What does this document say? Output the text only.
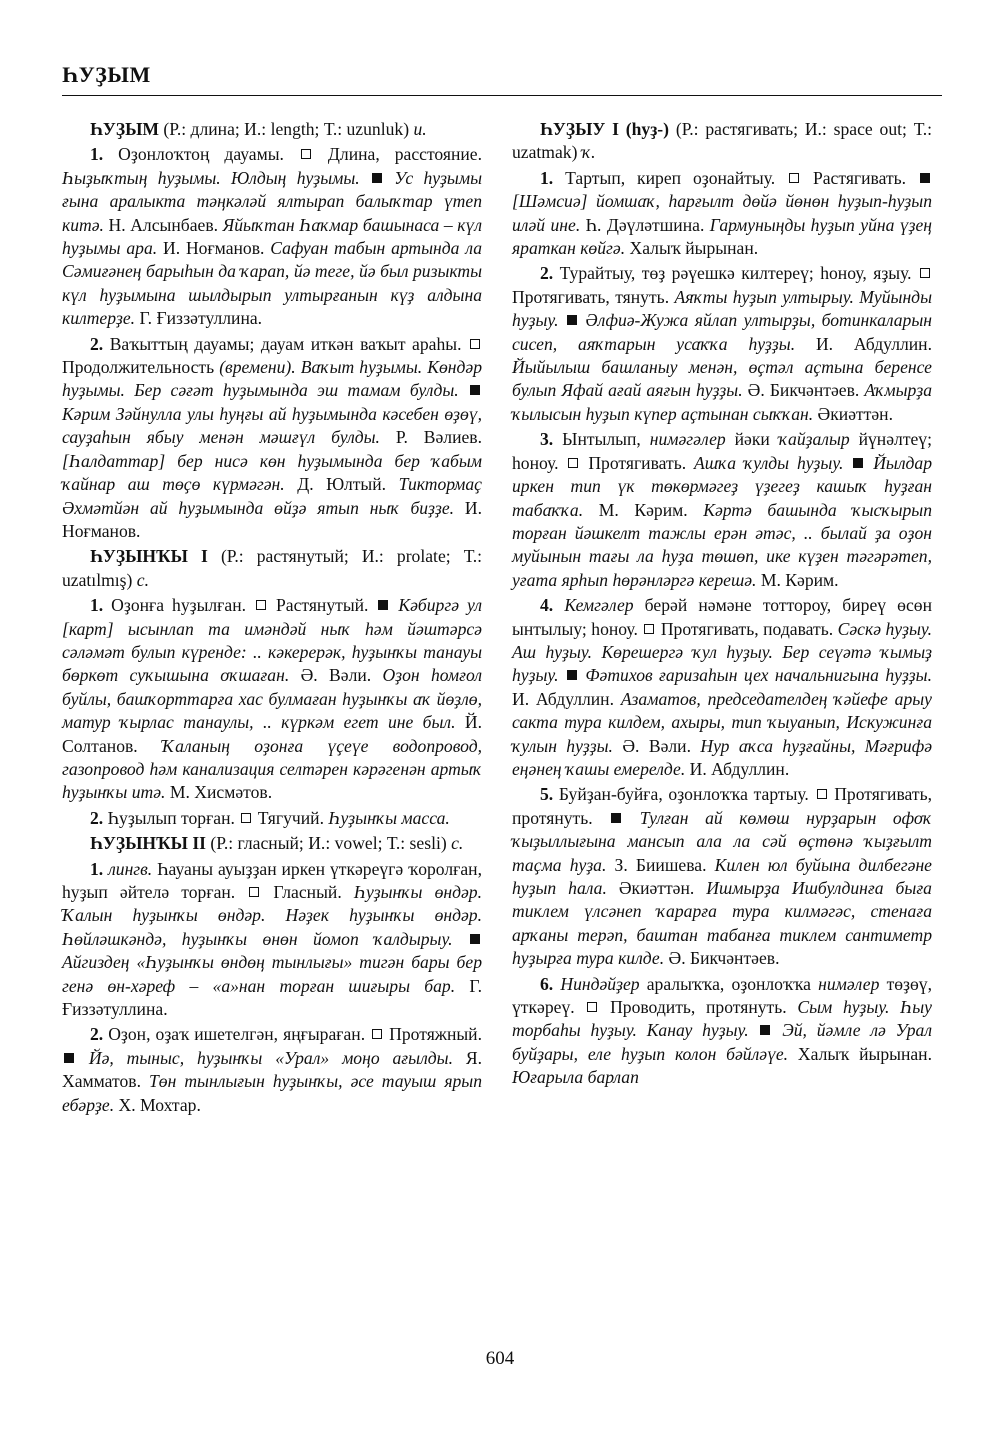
ҺУҘЫМ

ҺУҘЫМ (Р.: длина; И.: length; Т.: uzunluk) и.

1. Оҙонлоҡтоң дауамы.  Длина, расстояние. Һыҙыҡтың һуҙымы. Юлдың һуҙымы.  Ус һуҙымы ғына аралыкта тәңкәләй ялтырап балыҡтар үтеп китә. Н. Алсынбаев. Яйыҡтан Һаҡмар башынаса – күл һуҙымы ара. И. Ноғманов. Сафуан табын артында ла Сәмиғәнең барыһын да ҡарап, йә теге, йә был ризыкты күл һуҙымына шылдырып ултырғанын күҙ алдына килтерҙе. Г. Ғиззәтуллина.

2. Ваҡыттың дауамы; дауам иткән ваҡыт араһы.  Продолжительность (времени). Ваҡыт һуҙымы. Көндәр һуҙымы. Бер сәғәт һуҙымында эш тамам булды.  Кәрим Зәйнулла улы һуңғы ай һуҙымында кәсебен өҙөү, сауҙаһын ябыу менән мәшғүл булды. Р. Вәлиев. [Һалдаттар] бер нисә көн һуҙымында бер ҡабым ҡайнар аш төҫө күрмәгән. Д. Юлтый. Тиктормаҫ Әхмәтйән ай һуҙымында өйҙә ятып ныҡ биҙҙе. И. Ноғманов.

ҺУҘЫНҠЫ I (Р.: растянутый; И.: prolate; Т.: uzatılmış) с.

1. Оҙонға һуҙылған.  Растянутый.  Кәбиргә ул [карт] ысынлап та имәндәй ныҡ һәм йәштәрсә сәләмәт булып күренде: .. кәкерерәк, һуҙынҡы танауы бөркөт суҡышына оҡшаған. Ә. Вәли. Оҙон һомғол буйлы, башҡорттарға хас булмаған һуҙынҡы аҡ йөҙлө, матур ҡырлас танаулы, .. күркәм егет ине был. Й. Солтанов. Ҡаланың оҙонға үҫеүе водопровод, газопровод һәм канализация селтәрен кәрәгенән артыҡ һуҙынҡы итә. М. Хисмәтов.

2. Һуҙылып торған.  Тягучий. Һуҙынҡы масса.

ҺУҘЫНҠЫ II (Р.: гласный; И.: vowel; Т.: sesli) с.

1. лингв. Һауаны ауыҙҙан иркен үткәреүгә ҡоролған, һуҙып әйтелә торған.  Гласный. Һуҙынҡы өндәр. Ҡалын һуҙынҡы өндәр. Нәҙек һуҙынҡы өндәр. Һөйләшкәндә, һуҙынҡы өнөн йомоп ҡалдырыу.  Айгиздең «Һуҙынҡы өндөң тынлығы» тигән бары бер генә өн-хәреф – «а»нан торған шиғыры бар. Г. Ғиззәтуллина.

2. Оҙон, оҙаҡ ишетелгән, яңғыраған.  Протяжный.  Йә, тыныс, һуҙынҡы «Урал» моңо ағылды. Я. Хамматов. Төн тынлығын һуҙынҡы, әсе тауыш ярып ебәрҙе. Х. Мохтар.

ҺУҘЫУ I (һуҙ-) (Р.: растягивать; И.: space out; Т.: uzatmak) ҡ.

1. Тартып, киреп оҙонайтыу.  Растягивать.  [Шәмсиә] йомшаҡ, һарғылт дөйә йөнөн һуҙып-һуҙып иләй ине. Һ. Дәүләтшина. Гармуныңды һуҙып уйна үҙең яраткан көйгә. Халыҡ йырынан.

2. Турайтыу, төҙ рәүешкә килтереү; һоноу, яҙыу.  Протягивать, тянуть. Аяҡты һуҙып ултырыу. Муйынды һуҙыу.  Әлфиә-Жужа яйлап ултырҙы, ботинкаларын сисеп, аяҡтарын усаҡҡа һуҙҙы. И. Абдуллин. Йыйылыш башланыу менән, өҫтәл аҫтына беренсе булып Яфай ағай аяғын һуҙҙы. Ә. Бикчәнтәев. Аҡмырҙа ҡылысын һуҙып күпер аҫтынан сыҡҡан. Әкиәттән.

3. Ынтылып, нимәгәлер йәки ҡайҙалыр йүнәлтеү; һоноу.  Протягивать. Ашҡа ҡулды һуҙыу.  Йылдар иркен тип үк төкөрмәгеҙ үҙегеҙ кашыҡ һуҙған табаҡҡа. М. Кәрим. Кәртә башында ҡысҡырып торған йәшкелт тажлы ерән әтәс, .. былай ҙа оҙон муйынын тағы ла һуҙа төшөп, ике күҙен тәгәрәтеп, уғата ярһып һөрәнләргә керешә. М. Кәрим.

4. Кемгәлер берәй нәмәне тоттороу, биреү өсөн ынтылыу; һоноу.  Протягивать, подавать. Сәскә һуҙыу. Аш һуҙыу. Көрешергә ҡул һуҙыу. Бер сеүәтә ҡымыҙ һуҙыу.  Фәтихов ғаризаһын цех начальнигына һуҙҙы. И. Абдуллин. Азаматов, председателдең ҡәйефе арыу сакта тура килдем, ахыры, тип ҡыуанып, Искужинға ҡулын һуҙҙы. Ә. Вәли. Нур аҡса һуҙғайны, Мәғрифә еңәнең ҡашы емерелде. И. Абдуллин.

5. Буйҙан-буйға, оҙонлоҡҡа тартыу.  Протягивать, протянуть.  Тулған ай көмөш нурҙарын офоҡ ҡыҙыллығына мансып ала ла сәй өҫтөнә ҡыҙғылт таҫма һуҙа. З. Биишева. Килен юл буйына дилбегәне һуҙып һала. Әкиәттән. Ишмырҙа Ишбулдинға быға тиклем үлсәнеп ҡарарға тура килмәгәс, стенаға арҡаны терәп, баштан табанға тиклем сантиметр һуҙырға тура килде. Ә. Бикчәнтәев.

6. Ниндәйҙер аралыҡҡа, оҙонлоҡҡа нимәлер төҙөү, үткәреү.  Проводить, протянуть. Сым һуҙыу. Һыу торбаһы һуҙыу. Канау һуҙыу.  Эй, йәмле лә Урал буйҙары, еле һуҙып колон бәйләүе. Халыҡ йырынан. Юғарыла барлап

604
